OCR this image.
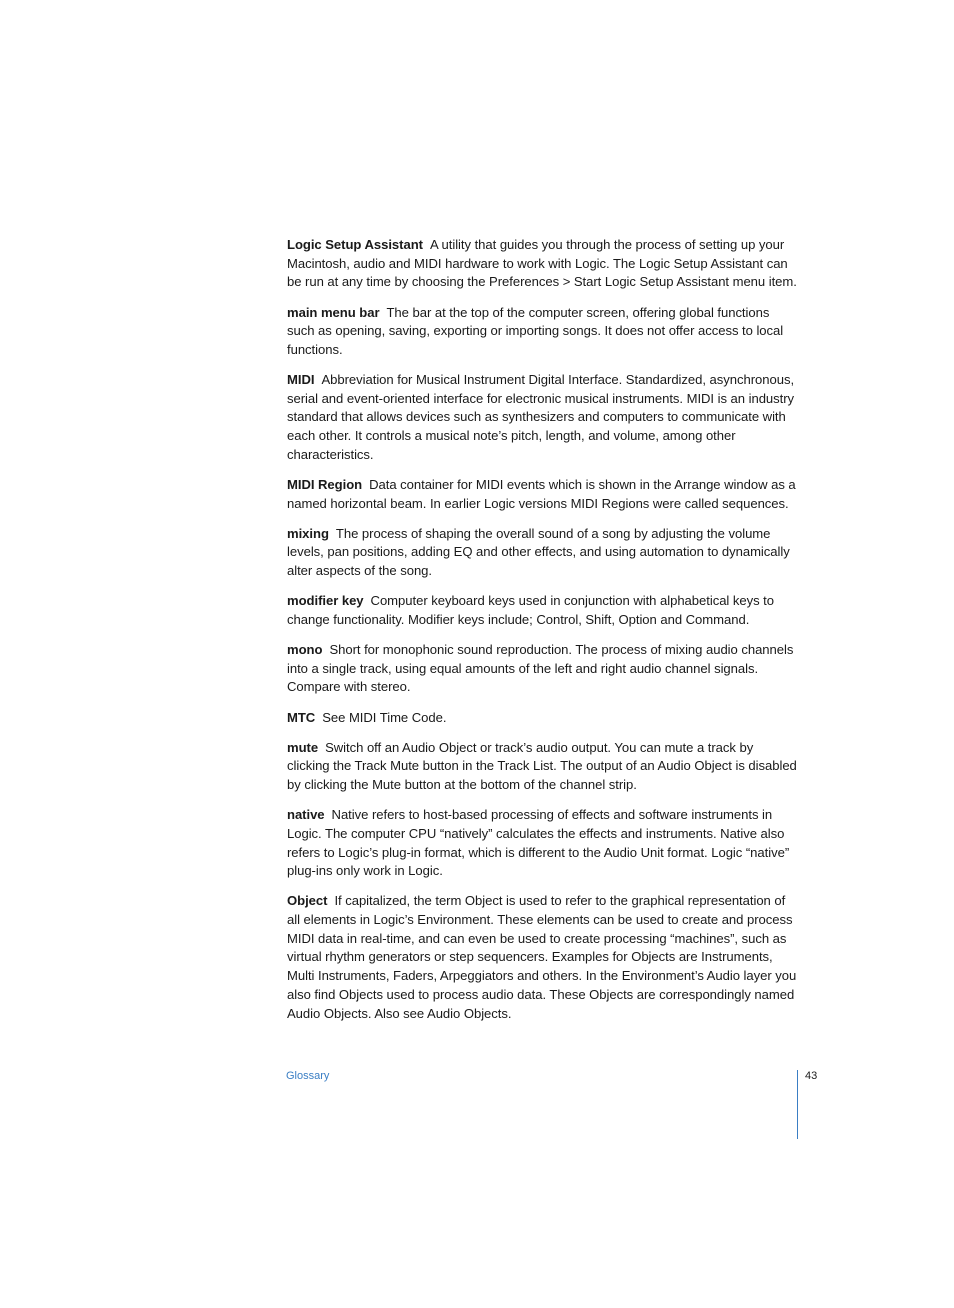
Logic Setup Assistant A utility that guides you through the process of setting up your Macintosh, audio and MIDI hardware to work with Logic. The Logic Setup Assistant can be run at any time by choosing the Preferences > Start Logic Setup Assistant menu item.

main menu bar The bar at the top of the computer screen, offering global functions such as opening, saving, exporting or importing songs. It does not offer access to local functions.

MIDI Abbreviation for Musical Instrument Digital Interface. Standardized, asynchronous, serial and event-oriented interface for electronic musical instruments. MIDI is an industry standard that allows devices such as synthesizers and computers to communicate with each other. It controls a musical note’s pitch, length, and volume, among other characteristics.

MIDI Region Data container for MIDI events which is shown in the Arrange window as a named horizontal beam. In earlier Logic versions MIDI Regions were called sequences.

mixing The process of shaping the overall sound of a song by adjusting the volume levels, pan positions, adding EQ and other effects, and using automation to dynamically alter aspects of the song.

modifier key Computer keyboard keys used in conjunction with alphabetical keys to change functionality. Modifier keys include; Control, Shift, Option and Command.

mono Short for monophonic sound reproduction. The process of mixing audio channels into a single track, using equal amounts of the left and right audio channel signals. Compare with stereo.

MTC See MIDI Time Code.

mute Switch off an Audio Object or track’s audio output. You can mute a track by clicking the Track Mute button in the Track List. The output of an Audio Object is disabled by clicking the Mute button at the bottom of the channel strip.

native Native refers to host-based processing of effects and software instruments in Logic. The computer CPU “natively” calculates the effects and instruments. Native also refers to Logic’s plug-in format, which is different to the Audio Unit format. Logic “native” plug-ins only work in Logic.

Object If capitalized, the term Object is used to refer to the graphical representation of all elements in Logic’s Environment. These elements can be used to create and process MIDI data in real-time, and can even be used to create processing “machines”, such as virtual rhythm generators or step sequencers. Examples for Objects are Instruments, Multi Instruments, Faders, Arpeggiators and others. In the Environment’s Audio layer you also find Objects used to process audio data. These Objects are correspondingly named Audio Objects. Also see Audio Objects.

Glossary	43
